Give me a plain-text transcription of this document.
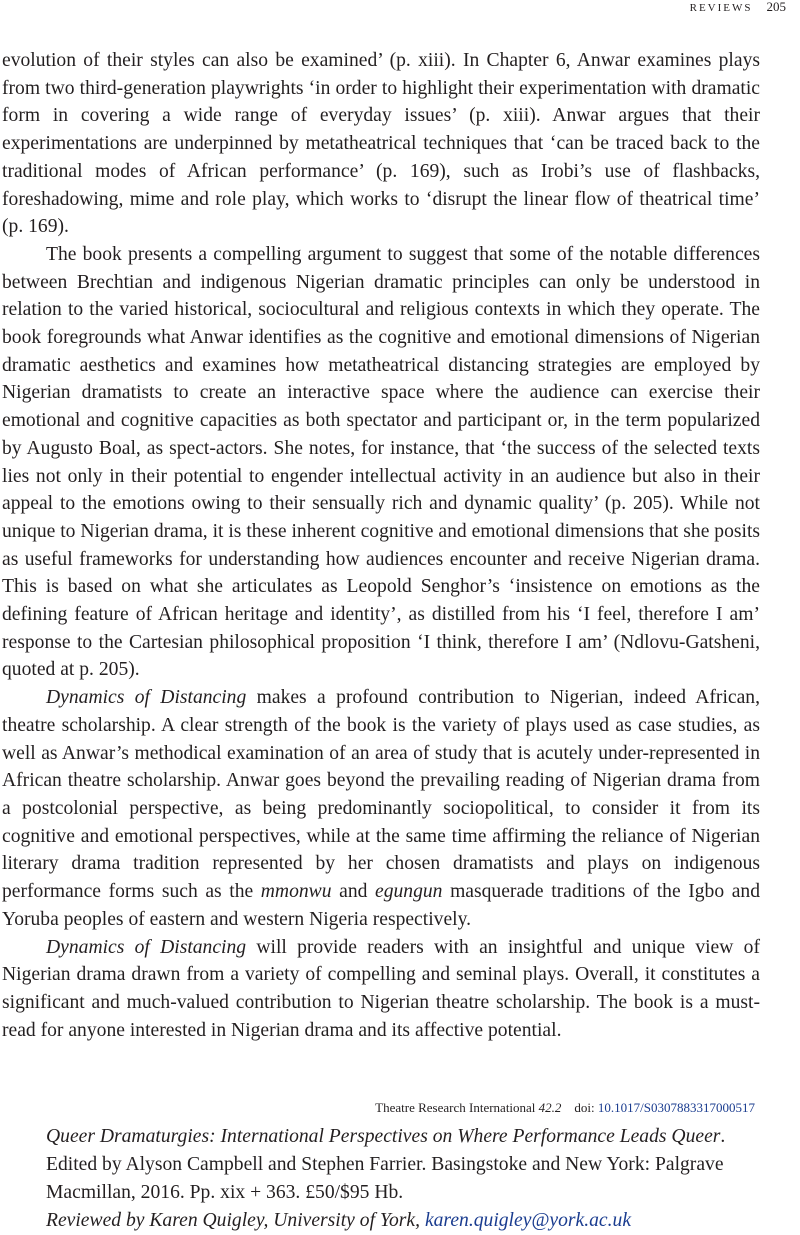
REVIEWS 205

evolution of their styles can also be examined’ (p. xiii). In Chapter 6, Anwar examines plays from two third-generation playwrights ‘in order to highlight their experimentation with dramatic form in covering a wide range of everyday issues’ (p. xiii). Anwar argues that their experimentations are underpinned by metatheatrical techniques that ‘can be traced back to the traditional modes of African performance’ (p. 169), such as Irobi’s use of flashbacks, foreshadowing, mime and role play, which works to ‘disrupt the linear flow of theatrical time’ (p. 169).

The book presents a compelling argument to suggest that some of the notable differences between Brechtian and indigenous Nigerian dramatic principles can only be understood in relation to the varied historical, sociocultural and religious contexts in which they operate. The book foregrounds what Anwar identifies as the cognitive and emotional dimensions of Nigerian dramatic aesthetics and examines how metatheatrical distancing strategies are employed by Nigerian dramatists to create an interactive space where the audience can exercise their emotional and cognitive capacities as both spectator and participant or, in the term popularized by Augusto Boal, as spect-actors. She notes, for instance, that ‘the success of the selected texts lies not only in their potential to engender intellectual activity in an audience but also in their appeal to the emotions owing to their sensually rich and dynamic quality’ (p. 205). While not unique to Nigerian drama, it is these inherent cognitive and emotional dimensions that she posits as useful frameworks for understanding how audiences encounter and receive Nigerian drama. This is based on what she articulates as Leopold Senghor’s ‘insistence on emotions as the defining feature of African heritage and identity’, as distilled from his ‘I feel, therefore I am’ response to the Cartesian philosophical proposition ‘I think, therefore I am’ (Ndlovu-Gatsheni, quoted at p. 205).

Dynamics of Distancing makes a profound contribution to Nigerian, indeed African, theatre scholarship. A clear strength of the book is the variety of plays used as case studies, as well as Anwar’s methodical examination of an area of study that is acutely under-represented in African theatre scholarship. Anwar goes beyond the prevailing reading of Nigerian drama from a postcolonial perspective, as being predominantly sociopolitical, to consider it from its cognitive and emotional perspectives, while at the same time affirming the reliance of Nigerian literary drama tradition represented by her chosen dramatists and plays on indigenous performance forms such as the mmonwu and egungun masquerade traditions of the Igbo and Yoruba peoples of eastern and western Nigeria respectively.

Dynamics of Distancing will provide readers with an insightful and unique view of Nigerian drama drawn from a variety of compelling and seminal plays. Overall, it constitutes a significant and much-valued contribution to Nigerian theatre scholarship. The book is a must-read for anyone interested in Nigerian drama and its affective potential.

Theatre Research International 42.2 doi: 10.1017/S0307883317000517

Queer Dramaturgies: International Perspectives on Where Performance Leads Queer. Edited by Alyson Campbell and Stephen Farrier. Basingstoke and New York: Palgrave Macmillan, 2016. Pp. xix + 363. £50/$95 Hb.

Reviewed by Karen Quigley, University of York, karen.quigley@york.ac.uk
